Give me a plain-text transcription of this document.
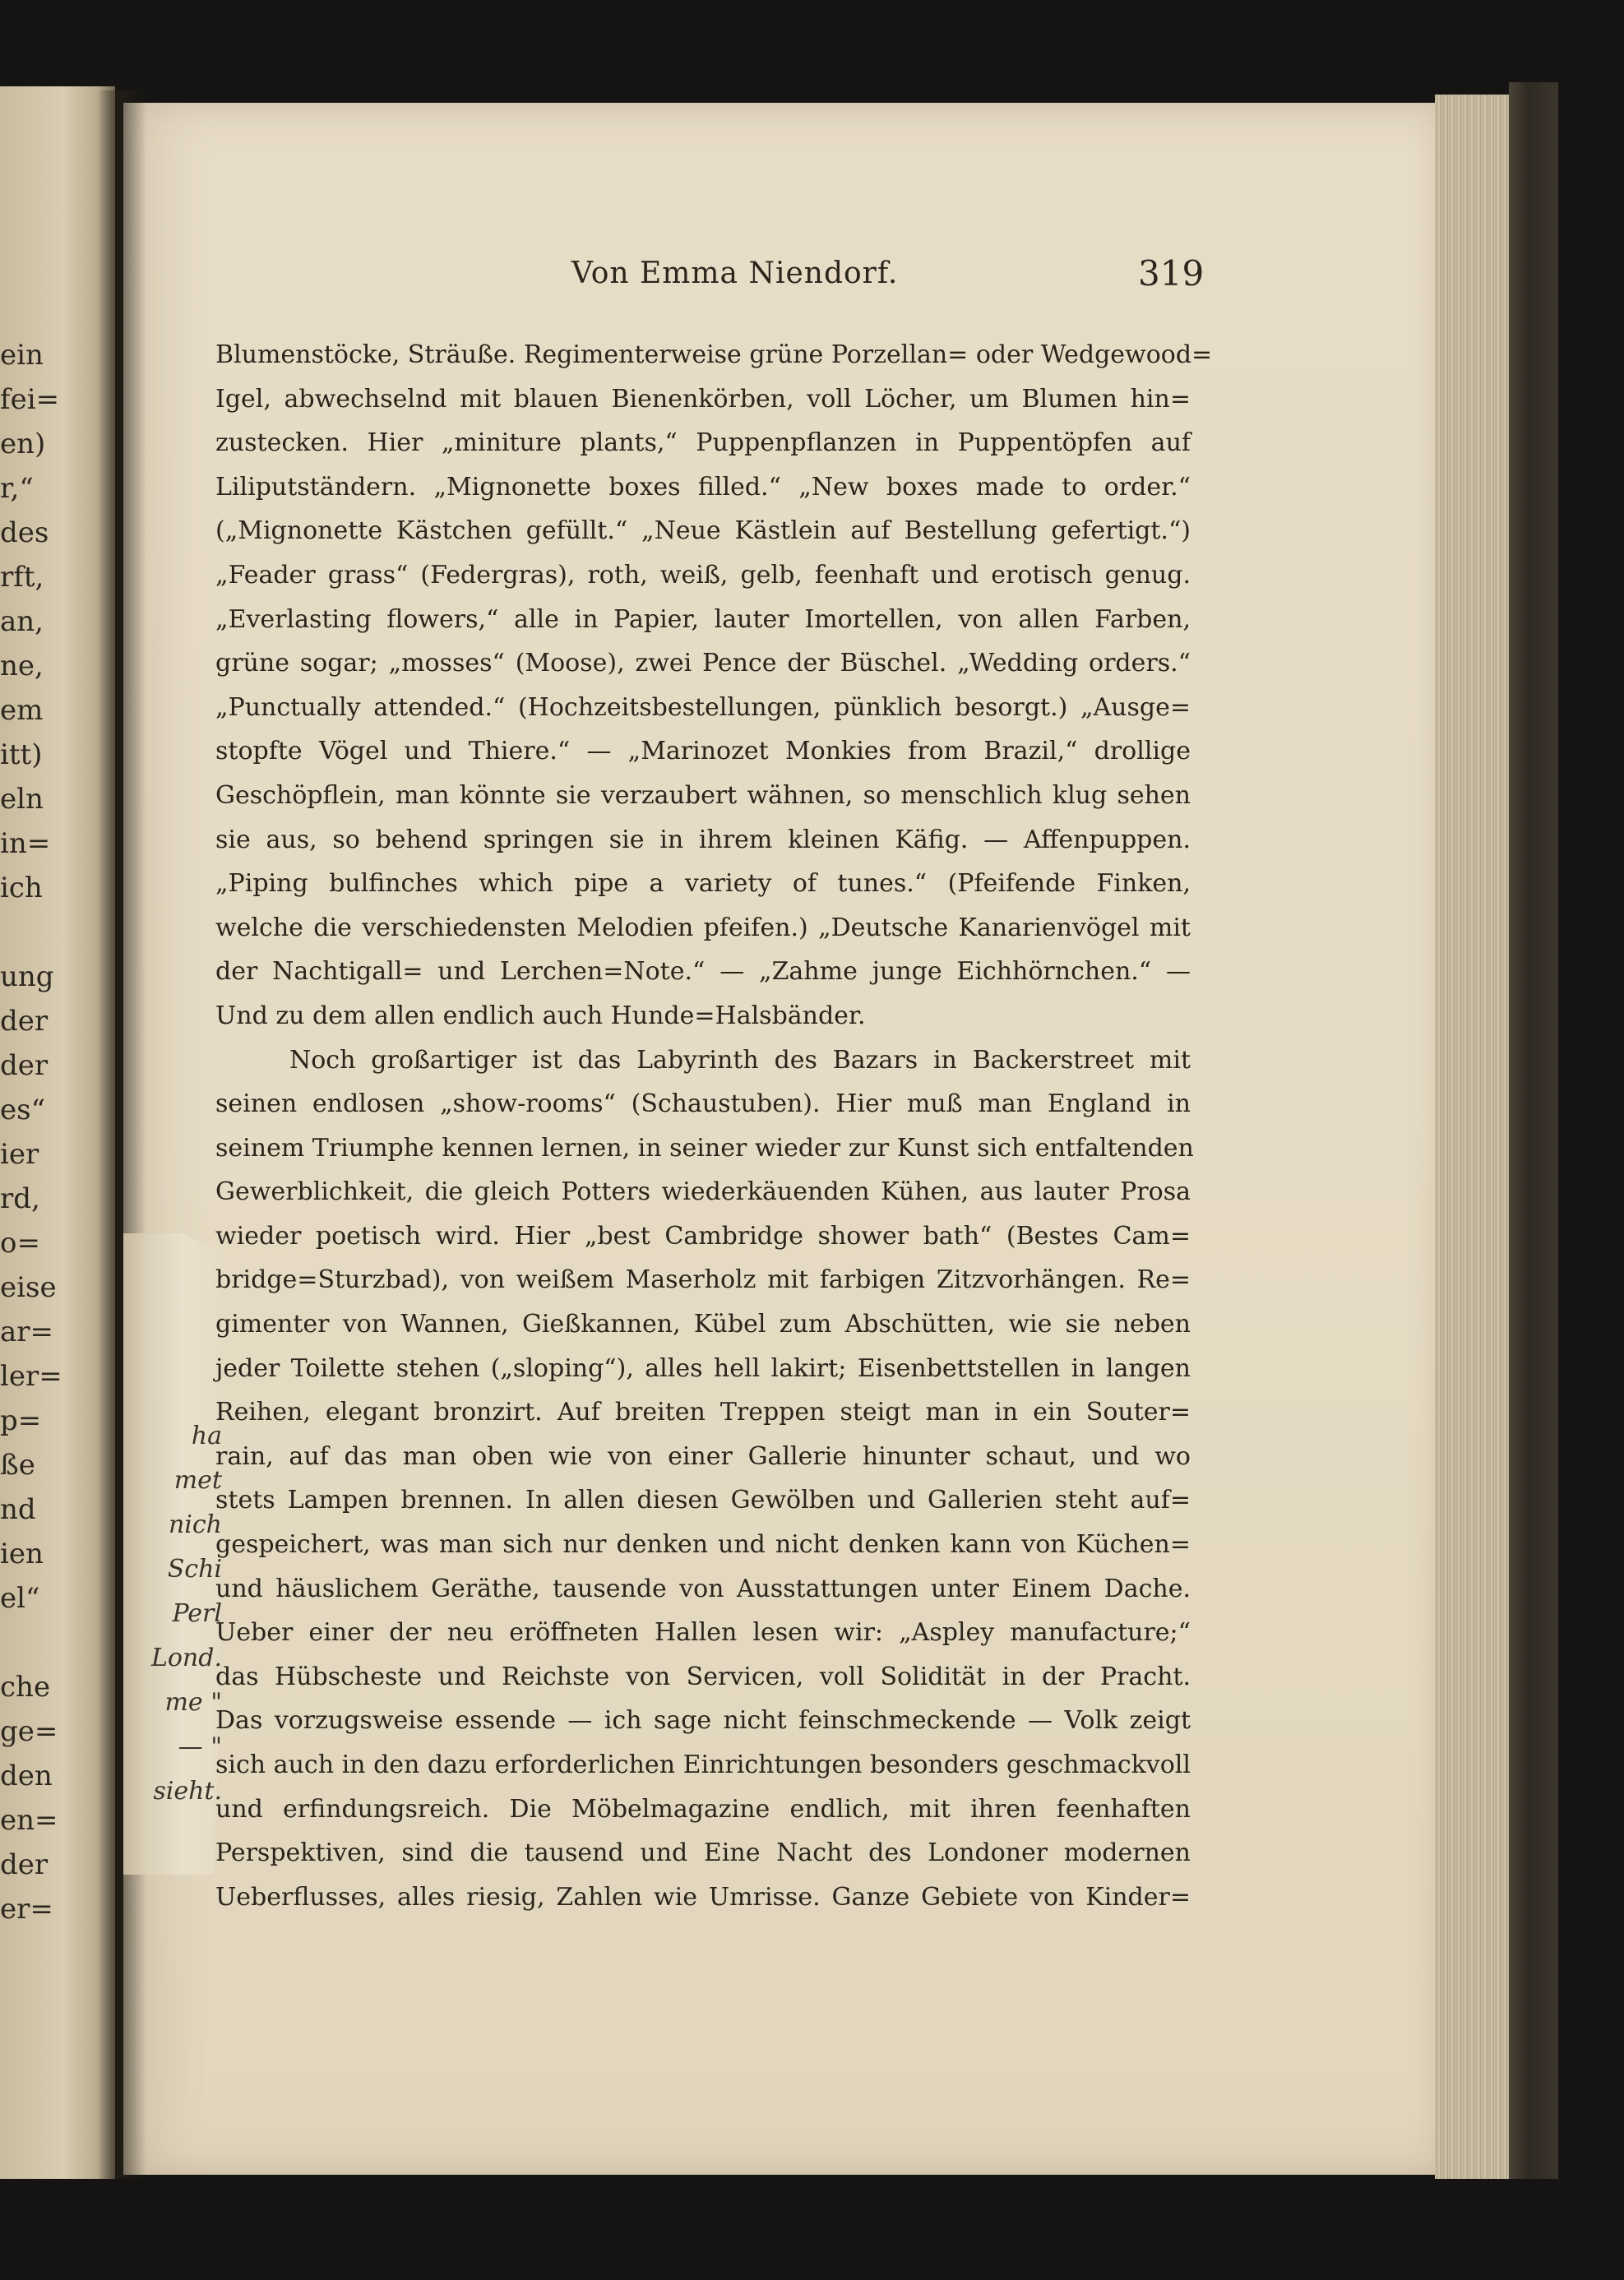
ein
fei=
en)
r,“
des
rft,
an,
ne,
em
itt)
eln
in=
ich
ung
der
der
es“
ier
rd,
o=
eise
ar=
ler=
p=
ße
nd
ien
el“
che
ge=
den
en=
der
er=
ha
met
nich
Schi
Perl
Lond.
me "
— "
sieht.
Von Emma Niendorf.	319
Blumenstöcke, Sträuße. Regimenterweise grüne Porzellan= oder Wedgewood=
Igel, abwechselnd mit blauen Bienenkörben, voll Löcher, um Blumen hin=
zustecken. Hier „miniture plants,“ Puppenpflanzen in Puppentöpfen auf
Liliputständern. „Mignonette boxes filled.“ „New boxes made to order.“
(„Mignonette Kästchen gefüllt.“ „Neue Kästlein auf Bestellung gefertigt.“)
„Feader grass“ (Federgras), roth, weiß, gelb, feenhaft und erotisch genug.
„Everlasting flowers,“ alle in Papier, lauter Imortellen, von allen Farben,
grüne sogar; „mosses“ (Moose), zwei Pence der Büschel. „Wedding orders.“
„Punctually attended.“ (Hochzeitsbestellungen, pünklich besorgt.) „Ausge=
stopfte Vögel und Thiere.“ — „Marinozet Monkies from Brazil,“ drollige
Geschöpflein, man könnte sie verzaubert wähnen, so menschlich klug sehen
sie aus, so behend springen sie in ihrem kleinen Käfig. — Affenpuppen.
„Piping bulfinches which pipe a variety of tunes.“ (Pfeifende Finken,
welche die verschiedensten Melodien pfeifen.) „Deutsche Kanarienvögel mit
der Nachtigall= und Lerchen=Note.“ — „Zahme junge Eichhörnchen.“ —
Und zu dem allen endlich auch Hunde=Halsbänder.
Noch großartiger ist das Labyrinth des Bazars in Backerstreet mit
seinen endlosen „show-rooms“ (Schaustuben). Hier muß man England in
seinem Triumphe kennen lernen, in seiner wieder zur Kunst sich entfaltenden
Gewerblichkeit, die gleich Potters wiederkäuenden Kühen, aus lauter Prosa
wieder poetisch wird. Hier „best Cambridge shower bath“ (Bestes Cam=
bridge=Sturzbad), von weißem Maserholz mit farbigen Zitzvorhängen. Re=
gimenter von Wannen, Gießkannen, Kübel zum Abschütten, wie sie neben
jeder Toilette stehen („sloping“), alles hell lakirt; Eisenbettstellen in langen
Reihen, elegant bronzirt. Auf breiten Treppen steigt man in ein Souter=
rain, auf das man oben wie von einer Gallerie hinunter schaut, und wo
stets Lampen brennen. In allen diesen Gewölben und Gallerien steht auf=
gespeichert, was man sich nur denken und nicht denken kann von Küchen=
und häuslichem Geräthe, tausende von Ausstattungen unter Einem Dache.
Ueber einer der neu eröffneten Hallen lesen wir: „Aspley manufacture;“
das Hübscheste und Reichste von Servicen, voll Solidität in der Pracht.
Das vorzugsweise essende — ich sage nicht feinschmeckende — Volk zeigt
sich auch in den dazu erforderlichen Einrichtungen besonders geschmackvoll
und erfindungsreich. Die Möbelmagazine endlich, mit ihren feenhaften
Perspektiven, sind die tausend und Eine Nacht des Londoner modernen
Ueberflusses, alles riesig, Zahlen wie Umrisse. Ganze Gebiete von Kinder=
